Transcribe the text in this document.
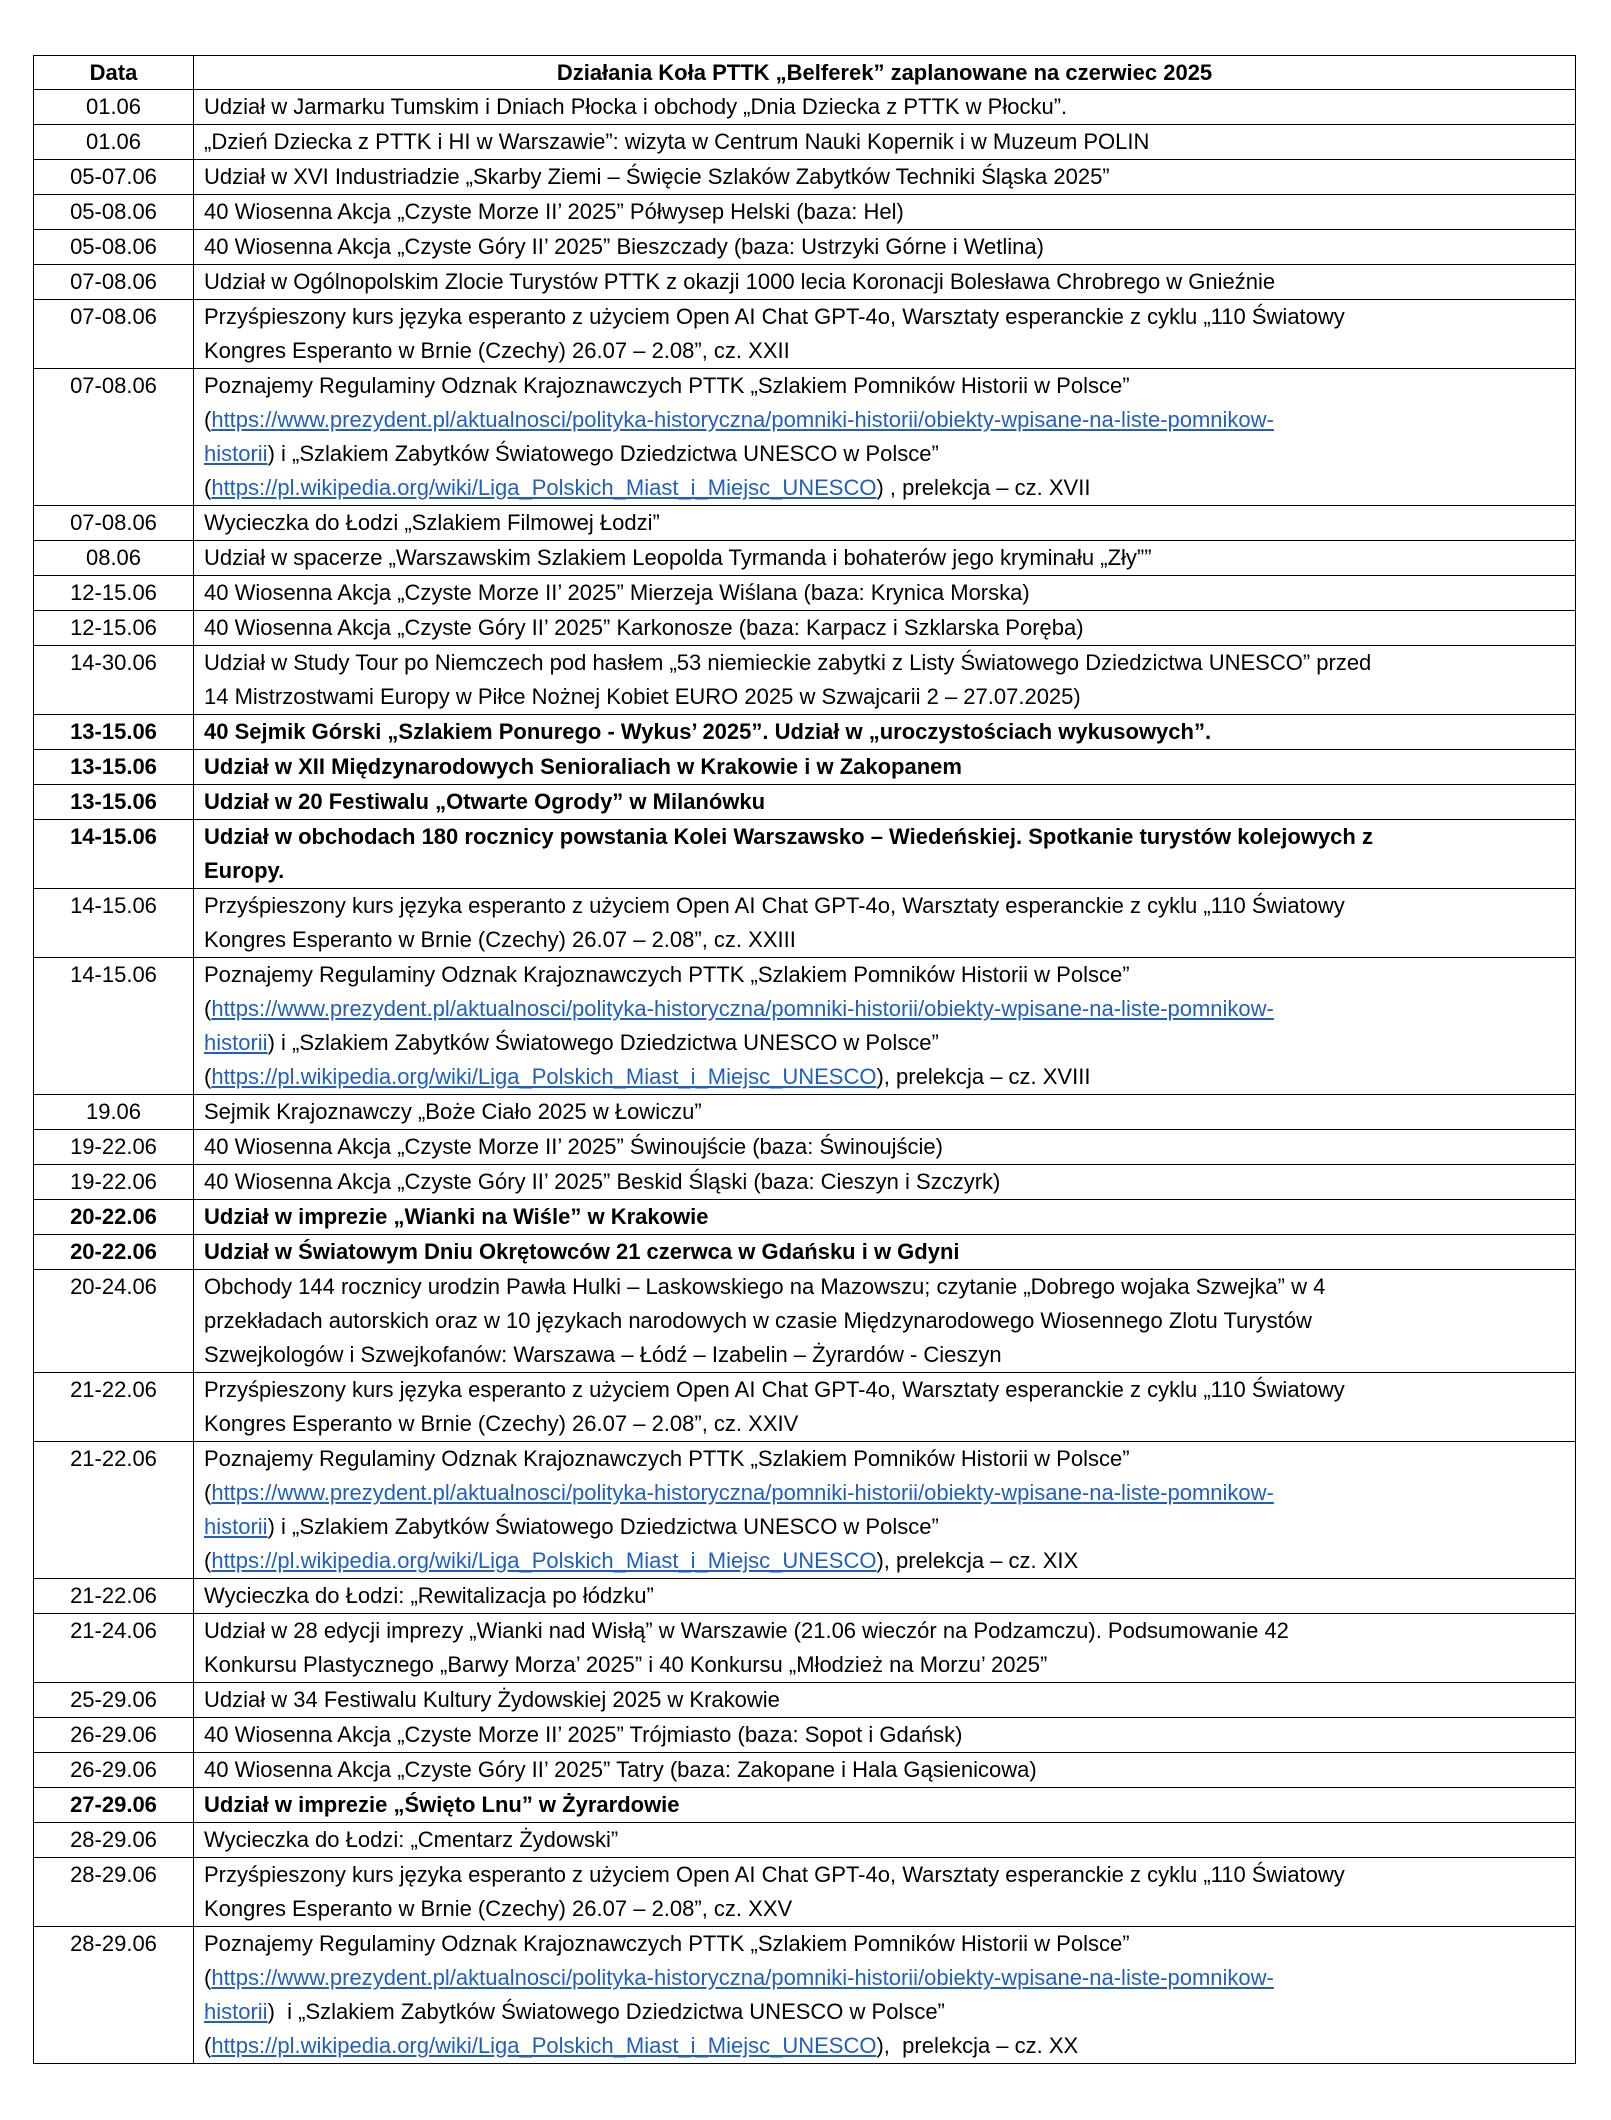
Data	Działania Koła PTTK „Belferek” zaplanowane na czerwiec 2025
01.06	Udział w Jarmarku Tumskim i Dniach Płocka i obchody „Dnia Dziecka z PTTK w Płocku”.

01.06	„Dzień Dziecka z PTTK i HI w Warszawie”: wizyta w Centrum Nauki Kopernik i w Muzeum POLIN

05-07.06	Udział w XVI Industriadzie „Skarby Ziemi – Święcie Szlaków Zabytków Techniki Śląska 2025”

05-08.06	40 Wiosenna Akcja „Czyste Morze II’ 2025” Półwysep Helski (baza: Hel)

05-08.06	40 Wiosenna Akcja „Czyste Góry II’ 2025” Bieszczady (baza: Ustrzyki Górne i Wetlina)

07-08.06	Udział w Ogólnopolskim Zlocie Turystów PTTK z okazji 1000 lecia Koronacji Bolesława Chrobrego w Gnieźnie

07-08.06	Przyśpieszony kurs języka esperanto z użyciem Open AI Chat GPT-4o, Warsztaty esperanckie z cyklu „110 Światowy
Kongres Esperanto w Brnie (Czechy) 26.07 – 2.08”, cz. XXII

07-08.06	Poznajemy Regulaminy Odznak Krajoznawczych PTTK „Szlakiem Pomników Historii w Polsce”
(https://www.prezydent.pl/aktualnosci/polityka-historyczna/pomniki-historii/obiekty-wpisane-na-liste-pomnikow-
historii) i „Szlakiem Zabytków Światowego Dziedzictwa UNESCO w Polsce”
(https://pl.wikipedia.org/wiki/Liga_Polskich_Miast_i_Miejsc_UNESCO) , prelekcja – cz. XVII

07-08.06	Wycieczka do Łodzi „Szlakiem Filmowej Łodzi”

08.06	Udział w spacerze „Warszawskim Szlakiem Leopolda Tyrmanda i bohaterów jego kryminału „Zły””

12-15.06	40 Wiosenna Akcja „Czyste Morze II’ 2025” Mierzeja Wiślana (baza: Krynica Morska)

12-15.06	40 Wiosenna Akcja „Czyste Góry II’ 2025” Karkonosze (baza: Karpacz i Szklarska Poręba)

14-30.06	Udział w Study Tour po Niemczech pod hasłem „53 niemieckie zabytki z Listy Światowego Dziedzictwa UNESCO” przed
14 Mistrzostwami Europy w Piłce Nożnej Kobiet EURO 2025 w Szwajcarii 2 – 27.07.2025)

13-15.06	40 Sejmik Górski „Szlakiem Ponurego - Wykus’ 2025”. Udział w „uroczystościach wykusowych”.

13-15.06	Udział w XII Międzynarodowych Senioraliach w Krakowie i w Zakopanem

13-15.06	Udział w 20 Festiwalu „Otwarte Ogrody” w Milanówku

14-15.06	Udział w obchodach 180 rocznicy powstania Kolei Warszawsko – Wiedeńskiej. Spotkanie turystów kolejowych z
Europy.

14-15.06	Przyśpieszony kurs języka esperanto z użyciem Open AI Chat GPT-4o, Warsztaty esperanckie z cyklu „110 Światowy
Kongres Esperanto w Brnie (Czechy) 26.07 – 2.08”, cz. XXIII

14-15.06	Poznajemy Regulaminy Odznak Krajoznawczych PTTK „Szlakiem Pomników Historii w Polsce”
(https://www.prezydent.pl/aktualnosci/polityka-historyczna/pomniki-historii/obiekty-wpisane-na-liste-pomnikow-
historii) i „Szlakiem Zabytków Światowego Dziedzictwa UNESCO w Polsce”
(https://pl.wikipedia.org/wiki/Liga_Polskich_Miast_i_Miejsc_UNESCO), prelekcja – cz. XVIII

19.06	Sejmik Krajoznawczy „Boże Ciało 2025 w Łowiczu”

19-22.06	40 Wiosenna Akcja „Czyste Morze II’ 2025” Świnoujście (baza: Świnoujście)

19-22.06	40 Wiosenna Akcja „Czyste Góry II’ 2025” Beskid Śląski (baza: Cieszyn i Szczyrk)

20-22.06	Udział w imprezie „Wianki na Wiśle” w Krakowie

20-22.06	Udział w Światowym Dniu Okrętowców 21 czerwca w Gdańsku i w Gdyni

20-24.06	Obchody 144 rocznicy urodzin Pawła Hulki – Laskowskiego na Mazowszu; czytanie „Dobrego wojaka Szwejka” w 4
przekładach autorskich oraz w 10 językach narodowych w czasie Międzynarodowego Wiosennego Zlotu Turystów
Szwejkologów i Szwejkofanów: Warszawa – Łódź – Izabelin – Żyrardów - Cieszyn

21-22.06	Przyśpieszony kurs języka esperanto z użyciem Open AI Chat GPT-4o, Warsztaty esperanckie z cyklu „110 Światowy
Kongres Esperanto w Brnie (Czechy) 26.07 – 2.08”, cz. XXIV

21-22.06	Poznajemy Regulaminy Odznak Krajoznawczych PTTK „Szlakiem Pomników Historii w Polsce”
(https://www.prezydent.pl/aktualnosci/polityka-historyczna/pomniki-historii/obiekty-wpisane-na-liste-pomnikow-
historii) i „Szlakiem Zabytków Światowego Dziedzictwa UNESCO w Polsce”
(https://pl.wikipedia.org/wiki/Liga_Polskich_Miast_i_Miejsc_UNESCO), prelekcja – cz. XIX

21-22.06	Wycieczka do Łodzi: „Rewitalizacja po łódzku”

21-24.06	Udział w 28 edycji imprezy „Wianki nad Wisłą” w Warszawie (21.06 wieczór na Podzamczu). Podsumowanie 42
Konkursu Plastycznego „Barwy Morza’ 2025” i 40 Konkursu „Młodzież na Morzu’ 2025”

25-29.06	Udział w 34 Festiwalu Kultury Żydowskiej 2025 w Krakowie

26-29.06	40 Wiosenna Akcja „Czyste Morze II’ 2025” Trójmiasto (baza: Sopot i Gdańsk)

26-29.06	40 Wiosenna Akcja „Czyste Góry II’ 2025” Tatry (baza: Zakopane i Hala Gąsienicowa)

27-29.06	Udział w imprezie „Święto Lnu” w Żyrardowie

28-29.06	Wycieczka do Łodzi: „Cmentarz Żydowski”

28-29.06	Przyśpieszony kurs języka esperanto z użyciem Open AI Chat GPT-4o, Warsztaty esperanckie z cyklu „110 Światowy
Kongres Esperanto w Brnie (Czechy) 26.07 – 2.08”, cz. XXV

28-29.06	Poznajemy Regulaminy Odznak Krajoznawczych PTTK „Szlakiem Pomników Historii w Polsce”
(https://www.prezydent.pl/aktualnosci/polityka-historyczna/pomniki-historii/obiekty-wpisane-na-liste-pomnikow-
historii)  i „Szlakiem Zabytków Światowego Dziedzictwa UNESCO w Polsce”
(https://pl.wikipedia.org/wiki/Liga_Polskich_Miast_i_Miejsc_UNESCO),  prelekcja – cz. XX
